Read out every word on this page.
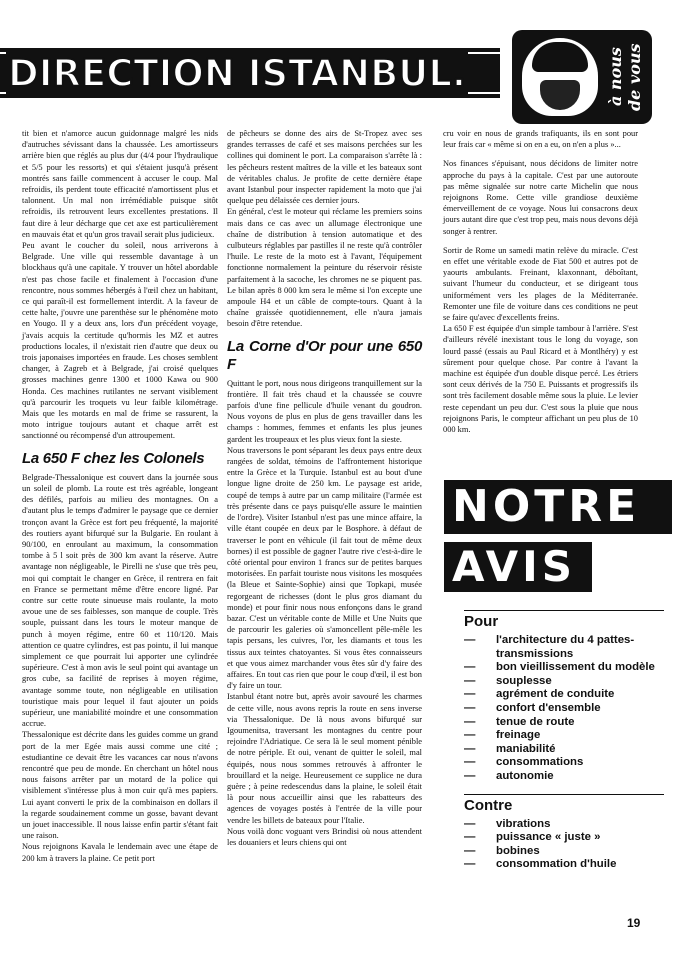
DIRECTION ISTANBUL.	à nous de vous

tit bien et n'amorce aucun guidonnage malgré les nids d'autruches sévissant dans la chaussée. Les amortisseurs arrière bien que réglés au plus dur (4/4 pour l'hydraulique et 5/5 pour les ressorts) et qui s'étaient jusqu'à présent montrés sans faille commencent à accuser le coup. Mal refroidis, ils perdent toute efficacité n'amortissent plus et talonnent. Un mal non irrémédiable puisque sitôt refroidis, ils retrouvent leurs excellentes prestations. Il faut dire à leur décharge que cet axe est particulièrement en mauvais état et qu'un gros travail serait plus judicieux.

Peu avant le coucher du soleil, nous arriverons à Belgrade. Une ville qui ressemble davantage à un blockhaus qu'à une capitale. Y trouver un hôtel abordable n'est pas chose facile et finalement à l'occasion d'une rencontre, nous sommes hébergés à l'œil chez un habitant, ce qui paraît-il est formellement interdit. A la faveur de cette halte, j'ouvre une parenthèse sur le phénomène moto en Yougo. Il y a deux ans, lors d'un précédent voyage, j'avais acquis la certitude qu'hormis les MZ et autres productions locales, il n'existait rien d'autre que deux ou trois japonaises importées en fraude. Les choses semblent changer, à Zagreb et à Belgrade, j'ai croisé quelques grosses machines genre 1300 et 1000 Kawa ou 900 Honda. Ces machines rutilantes ne servant visiblement qu'à parcourir les troquets vu leur faible kilométrage. Mais que les motards en mal de frime se rassurent, la moto intrigue toujours autant et chaque arrêt est sanctionné ou récompensé d'un attroupement.

La 650 F chez les Colonels

Belgrade-Thessalonique est couvert dans la journée sous un soleil de plomb. La route est très agréable, longeant des défilés, parfois au milieu des montagnes. On a d'autant plus le temps d'admirer le paysage que ce dernier tronçon avant la Grèce est fort peu fréquenté, la majorité des routiers ayant bifurqué sur la Bulgarie. En roulant à 90/100, en enroulant au maximum, la consommation tombe à 5 l soit près de 300 km avant la réserve. Autre avantage non négligeable, le Pirelli ne s'use que très peu, moi qui comptait le changer en Grèce, il rentrera en fait en France se permettant même d'être encore ligné. Par contre sur cette route sinueuse mais roulante, la moto avoue une de ses faiblesses, son manque de couple. Très souple, puissant dans les tours le moteur manque de punch à moyen régime, entre 60 et 110/120. Mais attention ce quatre cylindres, est pas pointu, il lui manque simplement ce que pourrait lui apporter une cylindrée supérieure. C'est à mon avis le seul point qui avantage un gros cube, sa facilité de reprises à moyen régime, avantage somme toute, non négligeable en utilisation touristique mais pour lequel il faut ajouter un poids supérieur, une maniabilité moindre et une consommation accrue.

Thessalonique est décrite dans les guides comme un grand port de la mer Egée mais aussi comme une cité ; estudiantine ce devait être les vacances car nous n'avons rencontré que peu de monde. En cherchant un hôtel nous nous faisons arrêter par un motard de la police qui visiblement s'intéresse plus à mon cuir qu'à mes papiers. Lui ayant converti le prix de la combinaison en dollars il la regarde soudainement comme un gosse, bavant devant un jouet inaccessible. Il nous laisse enfin partir s'étant fait une raison.

Nous rejoignons Kavala le lendemain avec une étape de 200 km à travers la plaine. Ce petit port

de pêcheurs se donne des airs de St-Tropez avec ses grandes terrasses de café et ses maisons perchées sur les collines qui dominent le port. La comparaison s'arrête là : les pêcheurs restent maîtres de la ville et les bateaux sont de véritables chalus. Je profite de cette dernière étape avant Istanbul pour inspecter rapidement la moto que j'ai quelque peu délaissée ces dernier jours.

En général, c'est le moteur qui réclame les premiers soins mais dans ce cas avec un allumage électronique une chaîne de distribution à tension automatique et des culbuteurs réglables par pastilles il ne reste qu'à contrôler l'huile. Le reste de la moto est à l'avant, l'équipement fonctionne normalement la peinture du réservoir résiste parfaitement à la sacoche, les chromes ne se piquent pas. Le bilan après 8 000 km sera le même si l'on excepte une ampoule H4 et un câble de compte-tours. Quant à la chaîne graissée quotidiennement, elle n'aura jamais besoin d'être retendue.

La Corne d'Or pour une 650 F

Quittant le port, nous nous dirigeons tranquillement sur la frontière. Il fait très chaud et la chaussée se couvre parfois d'une fine pellicule d'huile venant du goudron. Nous voyons de plus en plus de gens travailler dans les champs : hommes, femmes et enfants les plus jeunes gardent les troupeaux et les plus vieux font la sieste.

Nous traversons le pont séparant les deux pays entre deux rangées de soldat, témoins de l'affrontement historique entre la Grèce et la Turquie. Istanbul est au bout d'une longue ligne droite de 250 km. Le paysage est aride, coupé de temps à autre par un camp militaire (l'armée est très présente dans ce pays puisqu'elle assure le maintien de l'ordre). Visiter Istanbul n'est pas une mince affaire, la ville étant coupée en deux par le Bosphore. à défaut de traverser le pont en véhicule (il fait tout de même deux bornes) il est possible de gagner l'autre rive c'est-à-dire le côté oriental pour environ 1 francs sur de petites barques motorisées. En parfait touriste nous visitons les mosquées (la Bleue et Sainte-Sophie) ainsi que Topkapi, musée regorgeant de richesses (dont le plus gros diamant du monde) et pour finir nous nous enfonçons dans le grand bazar. C'est un véritable conte de Mille et Une Nuits que de parcourir les galeries où s'amoncellent pêle-mêle les tapis persans, les cuivres, l'or, les diamants et tous les tissus aux teintes chatoyantes. Si vous êtes connaisseurs et que vous aimez marchander vous êtes sûr d'y faire des affaires. En tout cas rien que pour le coup d'œil, il est bon d'y faire un tour.

Istanbul étant notre but, après avoir savouré les charmes de cette ville, nous avons repris la route en sens inverse via Thessalonique. De là nous avons bifurqué sur Igoumenitsa, traversant les montagnes du centre pour rejoindre l'Adriatique. Ce sera là le seul moment pénible de notre périple. Et oui, venant de quitter le soleil, mal équipés, nous nous sommes retrouvés à affronter le brouillard et la neige. Heureusement ce supplice ne dura guère ; à peine redescendus dans la plaine, le soleil était là pour nous accueillir ainsi que les rabatteurs des agences de voyages postés à l'entrée de la ville pour vendre les billets de bateaux pour l'Italie.

Nous voilà donc voguant vers Brindisi où nous attendent les douaniers et leurs chiens qui ont

cru voir en nous de grands trafiquants, ils en sont pour leur frais car « même si on en a eu, on n'en a plus »...

Nos finances s'épuisant, nous décidons de limiter notre approche du pays à la capitale. C'est par une autoroute pas même signalée sur notre carte Michelin que nous rejoignons Rome. Cette ville grandiose deuxième émerveillement de ce voyage. Nous lui consacrons deux jours autant dire que c'est trop peu, mais nous devons déjà songer à rentrer.

Sortir de Rome un samedi matin relève du miracle. C'est en effet une véritable exode de Fiat 500 et autres pot de yaourts ambulants. Freinant, klaxonnant, déboîtant, suivant l'humeur du conducteur, et se dirigeant tous uniformément vers les plages de la Méditerranée. Remonter une file de voiture dans ces conditions ne peut se faire qu'avec d'excellents freins.

La 650 F est équipée d'un simple tambour à l'arrière. S'est d'ailleurs révélé inexistant tous le long du voyage, son lourd passé (essais au Paul Ricard et à Montlhéry) y est sûrement pour quelque chose. Par contre à l'avant la machine est équipée d'un double disque percé. Les étriers sont ceux dérivés de la 750 E. Puissants et progressifs ils sont très facilement dosable même sous la pluie. Le levier reste cependant un peu dur. C'est sous la pluie que nous rejoignons Paris, le compteur affichant un peu plus de 10 000 km.

NOTRE
AVIS
Pour
— l'architecture du 4 pattes-transmissions
— bon vieillissement du modèle
— souplesse
— agrément de conduite
— confort d'ensemble
— tenue de route
— freinage
— maniabilité
— consommations
— autonomie
Contre
— vibrations
— puissance « juste »
— bobines
— consommation d'huile
19
